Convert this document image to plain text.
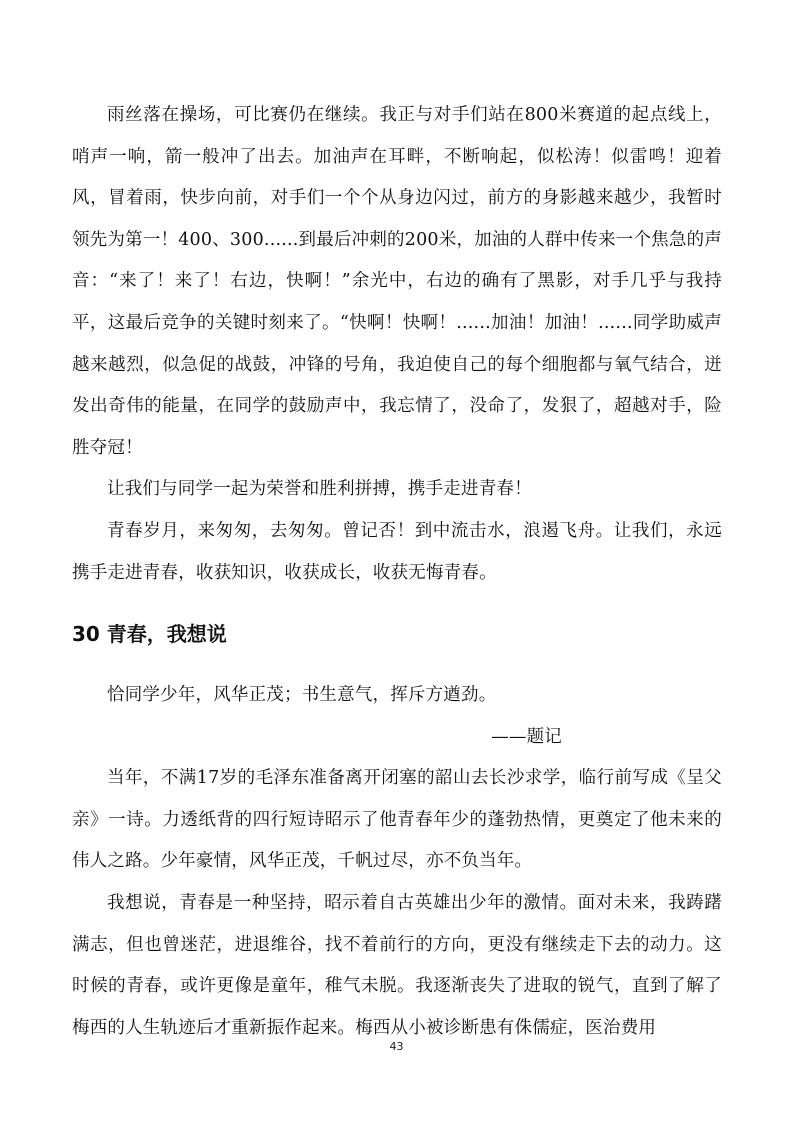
雨丝落在操场，可比赛仍在继续。我正与对手们站在800米赛道的起点线上，哨声一响，箭一般冲了出去。加油声在耳畔，不断响起，似松涛！似雷鸣！迎着风，冒着雨，快步向前，对手们一个个从身边闪过，前方的身影越来越少，我暂时领先为第一！400、300......到最后冲刺的200米，加油的人群中传来一个焦急的声音：“来了！来了！右边，快啊！”余光中，右边的确有了黑影，对手几乎与我持平，这最后竞争的关键时刻来了。“快啊！快啊！......加油！加油！......同学助威声越来越烈，似急促的战鼓，冲锋的号角，我迫使自己的每个细胞都与氧气结合，迸发出奇伟的能量，在同学的鼓励声中，我忘情了，没命了，发狠了，超越对手，险胜夺冠！

让我们与同学一起为荣誉和胜利拼搏，携手走进青春！

青春岁月，来匆匆，去匆匆。曾记否！到中流击水，浪遏飞舟。让我们，永远携手走进青春，收获知识，收获成长，收获无悔青春。

30 青春，我想说

恰同学少年，风华正茂；书生意气，挥斥方遒劲。

——题记

当年，不满17岁的毛泽东准备离开闭塞的韶山去长沙求学，临行前写成《呈父亲》一诗。力透纸背的四行短诗昭示了他青春年少的蓬勃热情，更奠定了他未来的伟人之路。少年豪情，风华正茂，千帆过尽，亦不负当年。

我想说，青春是一种坚持，昭示着自古英雄出少年的激情。面对未来，我踌躇满志，但也曾迷茫，进退维谷，找不着前行的方向，更没有继续走下去的动力。这时候的青春，或许更像是童年，稚气未脱。我逐渐丧失了进取的锐气，直到了解了梅西的人生轨迹后才重新振作起来。梅西从小被诊断患有侏儒症，医治费用

43
